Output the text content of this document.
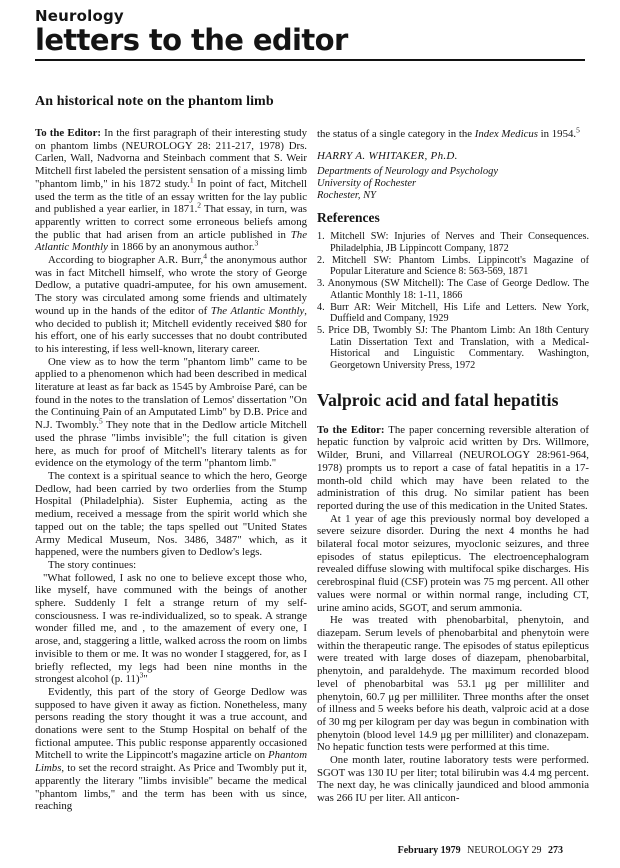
Neurology
letters to the editor
An historical note on the phantom limb

To the Editor: In the first paragraph of their interesting study on phantom limbs (NEUROLOGY 28: 211-217, 1978) Drs. Carlen, Wall, Nadvorna and Steinbach comment that S. Weir Mitchell first labeled the persistent sensation of a missing limb "phantom limb," in his 1872 study.$^1$ In point of fact, Mitchell used the term as the title of an essay written for the lay public and published a year earlier, in 1871.$^2$ That essay, in turn, was apparently written to correct some erroneous beliefs among the public that had arisen from an article published in The Atlantic Monthly in 1866 by an anonymous author.$^3$

According to biographer A.R. Burr,$^4$ the anonymous author was in fact Mitchell himself, who wrote the story of George Dedlow, a putative quadri-amputee, for his own amusement. The story was circulated among some friends and ultimately wound up in the hands of the editor of The Atlantic Monthly, who decided to publish it; Mitchell evidently received $80 for his effort, one of his early successes that no doubt contributed to his interesting, if less well-known, literary career.

One view as to how the term "phantom limb" came to be applied to a phenomenon which had been described in medical literature at least as far back as 1545 by Ambroise Paré, can be found in the notes to the translation of Lemos' dissertation "On the Continuing Pain of an Amputated Limb" by D.B. Price and N.J. Twombly.$^5$ They note that in the Dedlow article Mitchell used the phrase "limbs invisible"; the full citation is given here, as much for proof of Mitchell's literary talents as for evidence on the etymology of the term "phantom limb."

The context is a spiritual seance to which the hero, George Dedlow, had been carried by two orderlies from the Stump Hospital (Philadelphia). Sister Euphemia, acting as the medium, received a message from the spirit world which she tapped out on the table; the taps spelled out "United States Army Medical Museum, Nos. 3486, 3487" which, as it happened, were the numbers given to Dedlow's legs.

The story continues:

"What followed, I ask no one to believe except those who, like myself, have communed with the beings of another sphere. Suddenly I felt a strange return of my self-consciousness. I was re-individualized, so to speak. A strange wonder filled me, and , to the amazement of every one, I arose, and, staggering a little, walked across the room on limbs invisible to them or me. It was no wonder I staggered, for, as I briefly reflected, my legs had been nine months in the strongest alcohol (p. 11)$^3$"

Evidently, this part of the story of George Dedlow was supposed to have given it away as fiction. Nonetheless, many persons reading the story thought it was a true account, and donations were sent to the Stump Hospital on behalf of the fictional amputee. This public response apparently occasioned Mitchell to write the Lippincott's magazine article on Phantom Limbs, to set the record straight. As Price and Twombly put it, apparently the literary "limbs invisible" became the medical "phantom limbs," and the term has been with us since, reaching

the status of a single category in the Index Medicus in 1954.$^5$

HARRY A. WHITAKER, Ph.D.
Departments of Neurology and Psychology
University of Rochester
Rochester, NY
References
1. Mitchell SW: Injuries of Nerves and Their Consequences. Philadelphia, JB Lippincott Company, 1872
2. Mitchell SW: Phantom Limbs. Lippincott's Magazine of Popular Literature and Science 8: 563-569, 1871
3. Anonymous (SW Mitchell): The Case of George Dedlow. The Atlantic Monthly 18: 1-11, 1866
4. Burr AR: Weir Mitchell, His Life and Letters. New York, Duffield and Company, 1929
5. Price DB, Twombly SJ: The Phantom Limb: An 18th Century Latin Dissertation Text and Translation, with a Medical-Historical and Linguistic Commentary. Washington, Georgetown University Press, 1972
Valproic acid and fatal hepatitis

To the Editor: The paper concerning reversible alteration of hepatic function by valproic acid written by Drs. Willmore, Wilder, Bruni, and Villarreal (NEUROLOGY 28:961-964, 1978) prompts us to report a case of fatal hepatitis in a 17-month-old child which may have been related to the administration of this drug. No similar patient has been reported during the use of this medication in the United States.

At 1 year of age this previously normal boy developed a severe seizure disorder. During the next 4 months he had bilateral focal motor seizures, myoclonic seizures, and three episodes of status epilepticus. The electroencephalogram revealed diffuse slowing with multifocal spike discharges. His cerebrospinal fluid (CSF) protein was 75 mg percent. All other values were normal or within normal range, including CT, urine amino acids, SGOT, and serum ammonia.

He was treated with phenobarbital, phenytoin, and diazepam. Serum levels of phenobarbital and phenytoin were within the therapeutic range. The episodes of status epilepticus were treated with large doses of diazepam, phenobarbital, phenytoin, and paraldehyde. The maximum recorded blood level of phenobarbital was 53.1 μg per milliliter and phenytoin, 60.7 μg per milliliter. Three months after the onset of illness and 5 weeks before his death, valproic acid at a dose of 30 mg per kilogram per day was begun in combination with phenytoin (blood level 14.9 μg per milliliter) and clonazepam. No hepatic function tests were performed at this time.

One month later, routine laboratory tests were performed. SGOT was 130 IU per liter; total bilirubin was 4.4 mg percent. The next day, he was clinically jaundiced and blood ammonia was 266 IU per liter. All anticon-

February 1979 NEUROLOGY 29 273
